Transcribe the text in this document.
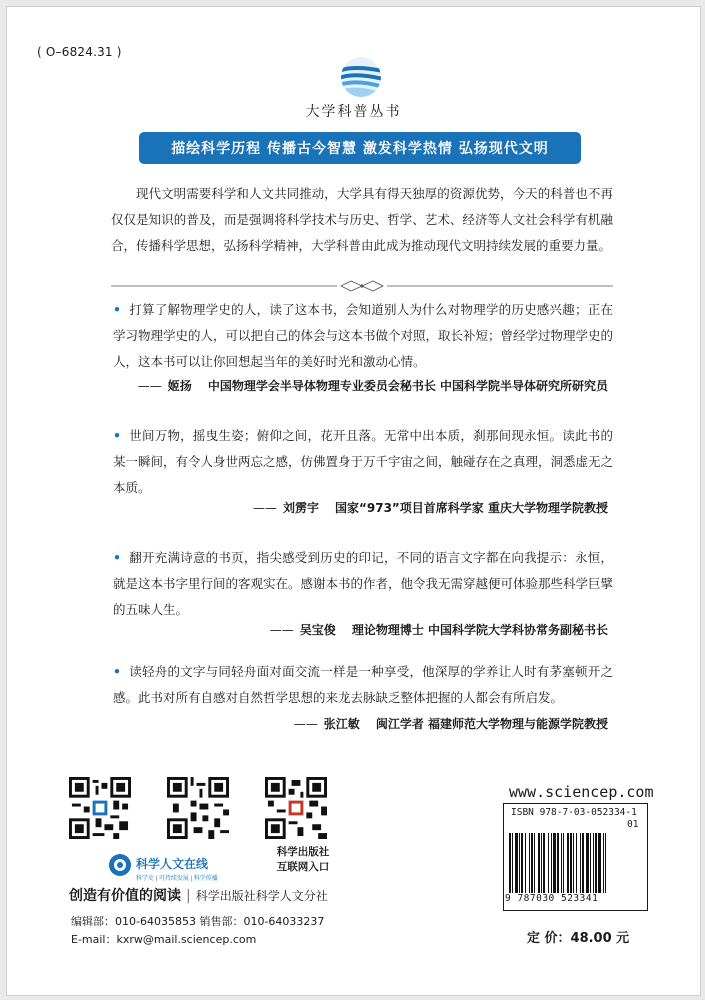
( O–6824.31 )
大学科普丛书
描绘科学历程 传播古今智慧 激发科学热情 弘扬现代文明
现代文明需要科学和人文共同推动，大学具有得天独厚的资源优势，今天的科普也不再仅仅是知识的普及，而是强调将科学技术与历史、哲学、艺术、经济等人文社会科学有机融合，传播科学思想，弘扬科学精神，大学科普由此成为推动现代文明持续发展的重要力量。
• 打算了解物理学史的人，读了这本书，会知道别人为什么对物理学的历史感兴趣；正在学习物理学史的人，可以把自己的体会与这本书做个对照，取长补短；曾经学过物理学史的人，这本书可以让你回想起当年的美好时光和激动心情。
—— 姬扬 中国物理学会半导体物理专业委员会秘书长 中国科学院半导体研究所研究员
• 世间万物，摇曳生姿；俯仰之间，花开且落。无常中出本质，刹那间现永恒。读此书的某一瞬间，有令人身世两忘之感，仿佛置身于万千宇宙之间，触碰存在之真理，洞悉虚无之本质。
—— 刘雳宇 国家“973”项目首席科学家 重庆大学物理学院教授
• 翻开充满诗意的书页，指尖感受到历史的印记，不同的语言文字都在向我提示：永恒，就是这本书字里行间的客观实在。感谢本书的作者，他令我无需穿越便可体验那些科学巨擘的五味人生。
—— 吴宝俊 理论物理博士 中国科学院大学科协常务副秘书长
• 读轻舟的文字与同轻舟面对面交流一样是一种享受，他深厚的学养让人时有茅塞顿开之感。此书对所有自感对自然哲学思想的来龙去脉缺乏整体把握的人都会有所启发。
—— 张江敏 闽江学者 福建师范大学物理与能源学院教授
科学人文在线
科学史 | 可持续发展 | 科学传播
科学出版社
互联网入口
创造有价值的阅读 | 科学出版社科学人文分社
编辑部：010-64035853 销售部：010-64033237
E-mail：kxrw@mail.sciencep.com
www.sciencep.com
ISBN 978-7-03-052334-1
01
9 787030 523341
定 价：48.00 元
